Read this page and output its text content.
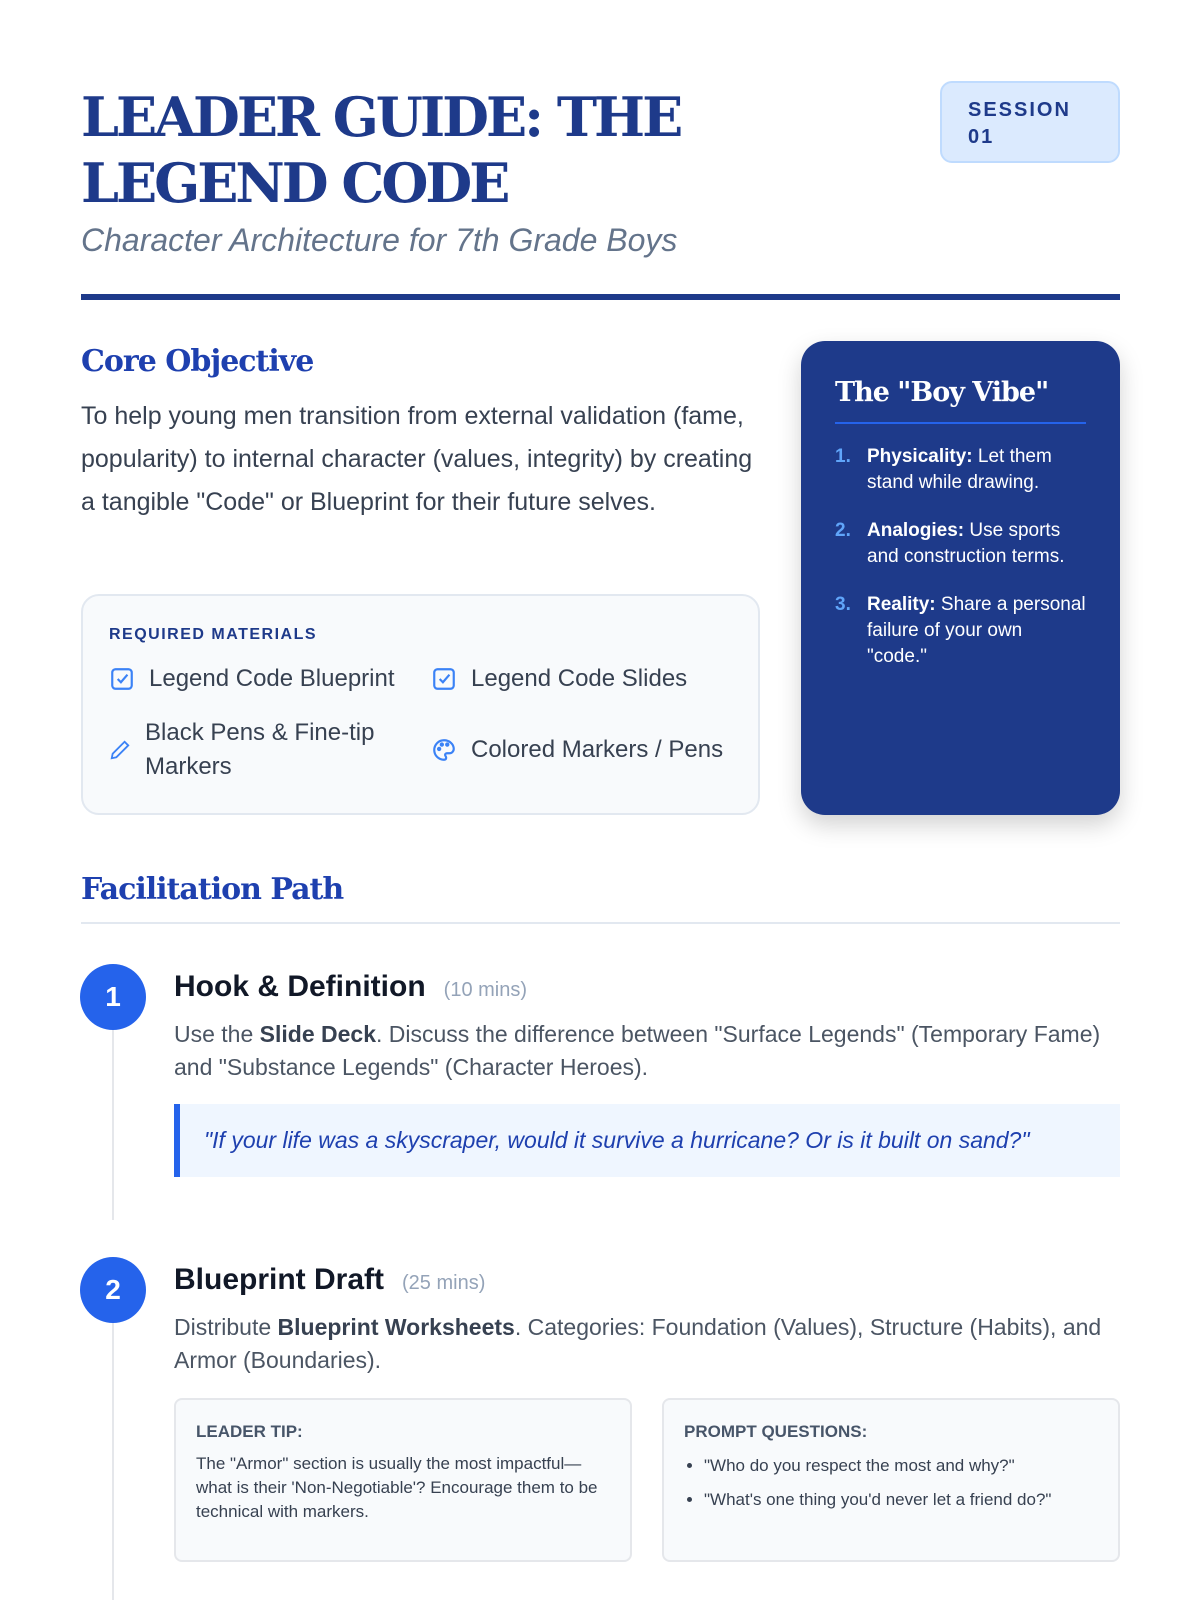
LEADER GUIDE: THE LEGEND CODE
Character Architecture for 7th Grade Boys
SESSION 01
Core Objective

To help young men transition from external validation (fame, popularity) to internal character (values, integrity) by creating a tangible "Code" or Blueprint for their future selves.

REQUIRED MATERIALS
Legend Code Blueprint	Legend Code Slides
Black Pens & Fine-tip Markers
Colored Markers / Pens
The "Boy Vibe"
1. Physicality: Let them stand while drawing.
2. Analogies: Use sports and construction terms.
3. Reality: Share a personal failure of your own "code."
Facilitation Path
1	Hook & Definition (10 mins)

Use the Slide Deck. Discuss the difference between "Surface Legends" (Temporary Fame) and "Substance Legends" (Character Heroes).

"If your life was a skyscraper, would it survive a hurricane? Or is it built on sand?"
2	Blueprint Draft (25 mins)

Distribute Blueprint Worksheets. Categories: Foundation (Values), Structure (Habits), and Armor (Boundaries).

LEADER TIP:
The "Armor" section is usually the most impactful—what is their 'Non-Negotiable'? Encourage them to be technical with markers.
PROMPT QUESTIONS:
• "Who do you respect the most and why?"
• "What's one thing you'd never let a friend do?"
